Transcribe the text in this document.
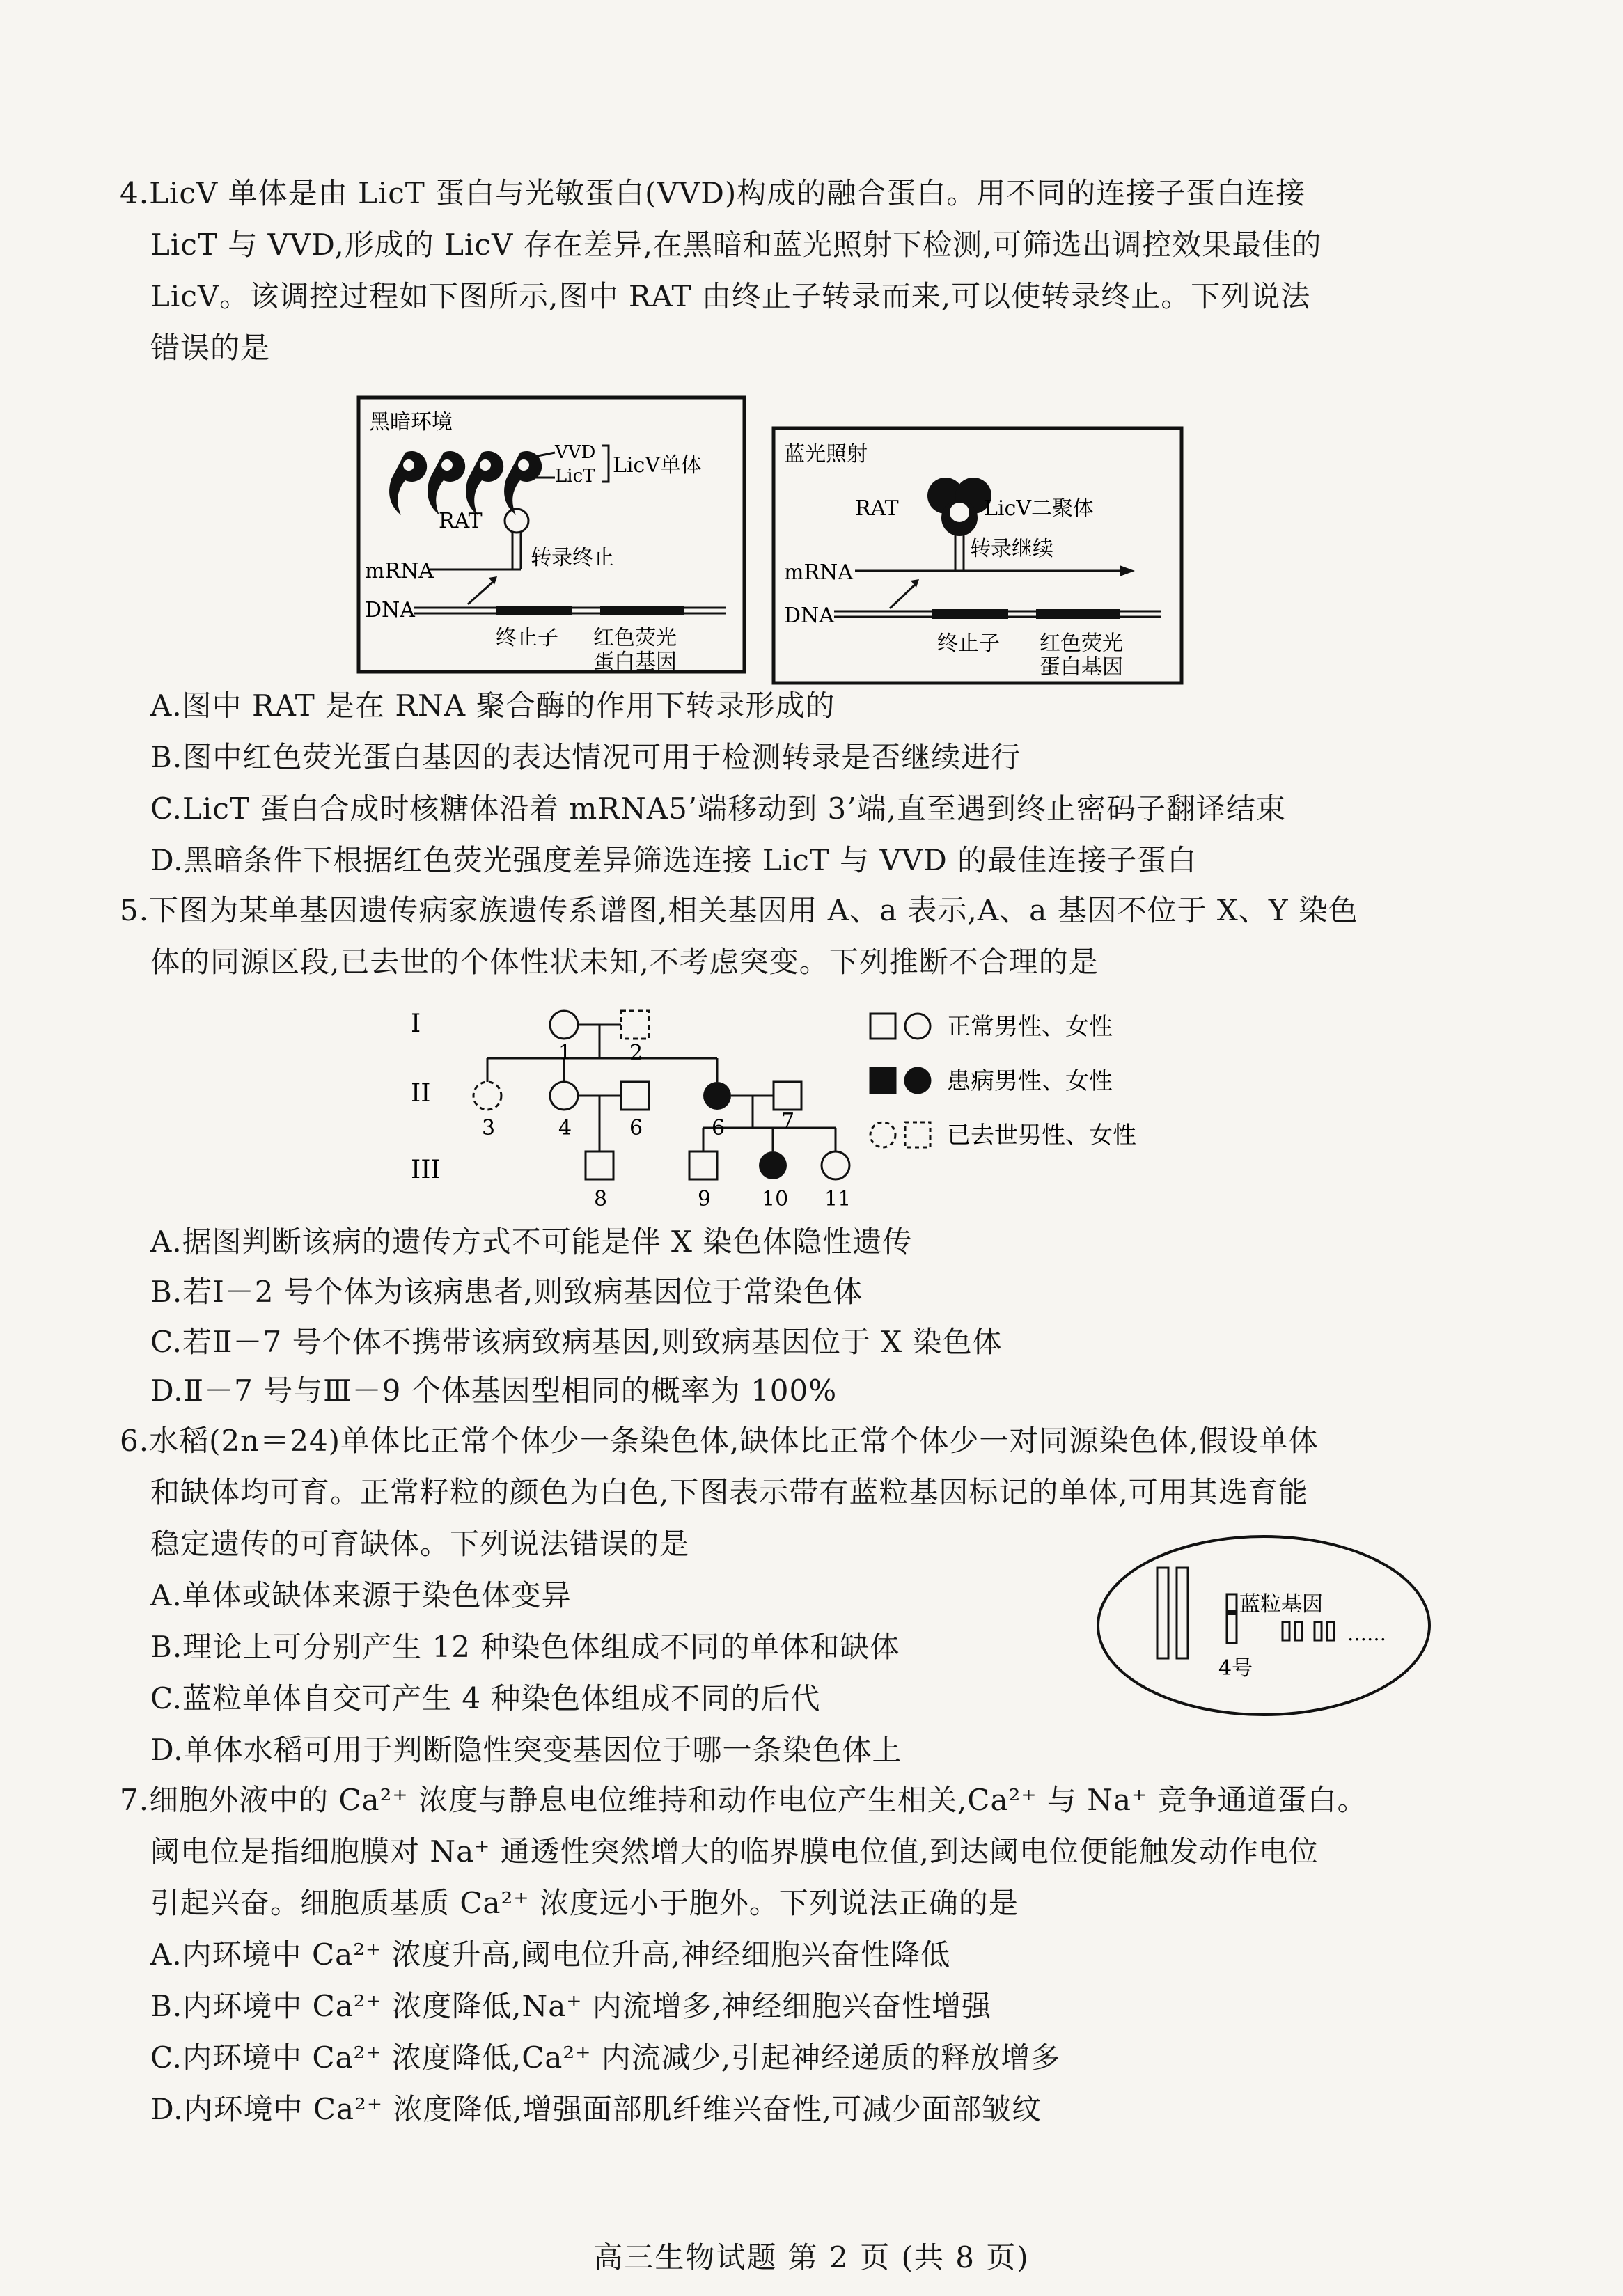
4.LicV 单体是由 LicT 蛋白与光敏蛋白(VVD)构成的融合蛋白。用不同的连接子蛋白连接
LicT 与 VVD,形成的 LicV 存在差异,在黑暗和蓝光照射下检测,可筛选出调控效果最佳的
LicV。该调控过程如下图所示,图中 RAT 由终止子转录而来,可以使转录终止。下列说法
错误的是
黑暗环境
VVD
LicT LicV单体
RAT
mRNA
转录终止
DNA
终止子 红色荧光
蛋白基因
蓝光照射
LicV二聚体
RAT
转录继续
mRNA
DNA
终止子 红色荧光
蛋白基因
A.图中 RAT 是在 RNA 聚合酶的作用下转录形成的
B.图中红色荧光蛋白基因的表达情况可用于检测转录是否继续进行
C.LicT 蛋白合成时核糖体沿着 mRNA5’端移动到 3’端,直至遇到终止密码子翻译结束
D.黑暗条件下根据红色荧光强度差异筛选连接 LicT 与 VVD 的最佳连接子蛋白
5.下图为某单基因遗传病家族遗传系谱图,相关基因用 A、a 表示,A、a 基因不位于 X、Y 染色
体的同源区段,已去世的个体性状未知,不考虑突变。下列推断不合理的是
I
II
III
1	2
3	4	6	6	7
8	9 10 11
正常男性、女性
患病男性、女性
已去世男性、女性
A.据图判断该病的遗传方式不可能是伴 X 染色体隐性遗传
B.若Ⅰ－2 号个体为该病患者,则致病基因位于常染色体
C.若Ⅱ－7 号个体不携带该病致病基因,则致病基因位于 X 染色体
D.Ⅱ－7 号与Ⅲ－9 个体基因型相同的概率为 100%
6.水稻(2n＝24)单体比正常个体少一条染色体,缺体比正常个体少一对同源染色体,假设单体
和缺体均可育。正常籽粒的颜色为白色,下图表示带有蓝粒基因标记的单体,可用其选育能
稳定遗传的可育缺体。下列说法错误的是
A.单体或缺体来源于染色体变异
B.理论上可分别产生 12 种染色体组成不同的单体和缺体
C.蓝粒单体自交可产生 4 种染色体组成不同的后代
D.单体水稻可用于判断隐性突变基因位于哪一条染色体上
蓝粒基因
4号
……
7.细胞外液中的 Ca²⁺ 浓度与静息电位维持和动作电位产生相关,Ca²⁺ 与 Na⁺ 竞争通道蛋白。
阈电位是指细胞膜对 Na⁺ 通透性突然增大的临界膜电位值,到达阈电位便能触发动作电位
引起兴奋。细胞质基质 Ca²⁺ 浓度远小于胞外。下列说法正确的是
A.内环境中 Ca²⁺ 浓度升高,阈电位升高,神经细胞兴奋性降低
B.内环境中 Ca²⁺ 浓度降低,Na⁺ 内流增多,神经细胞兴奋性增强
C.内环境中 Ca²⁺ 浓度降低,Ca²⁺ 内流减少,引起神经递质的释放增多
D.内环境中 Ca²⁺ 浓度降低,增强面部肌纤维兴奋性,可减少面部皱纹
高三生物试题 第 2 页 (共 8 页)
